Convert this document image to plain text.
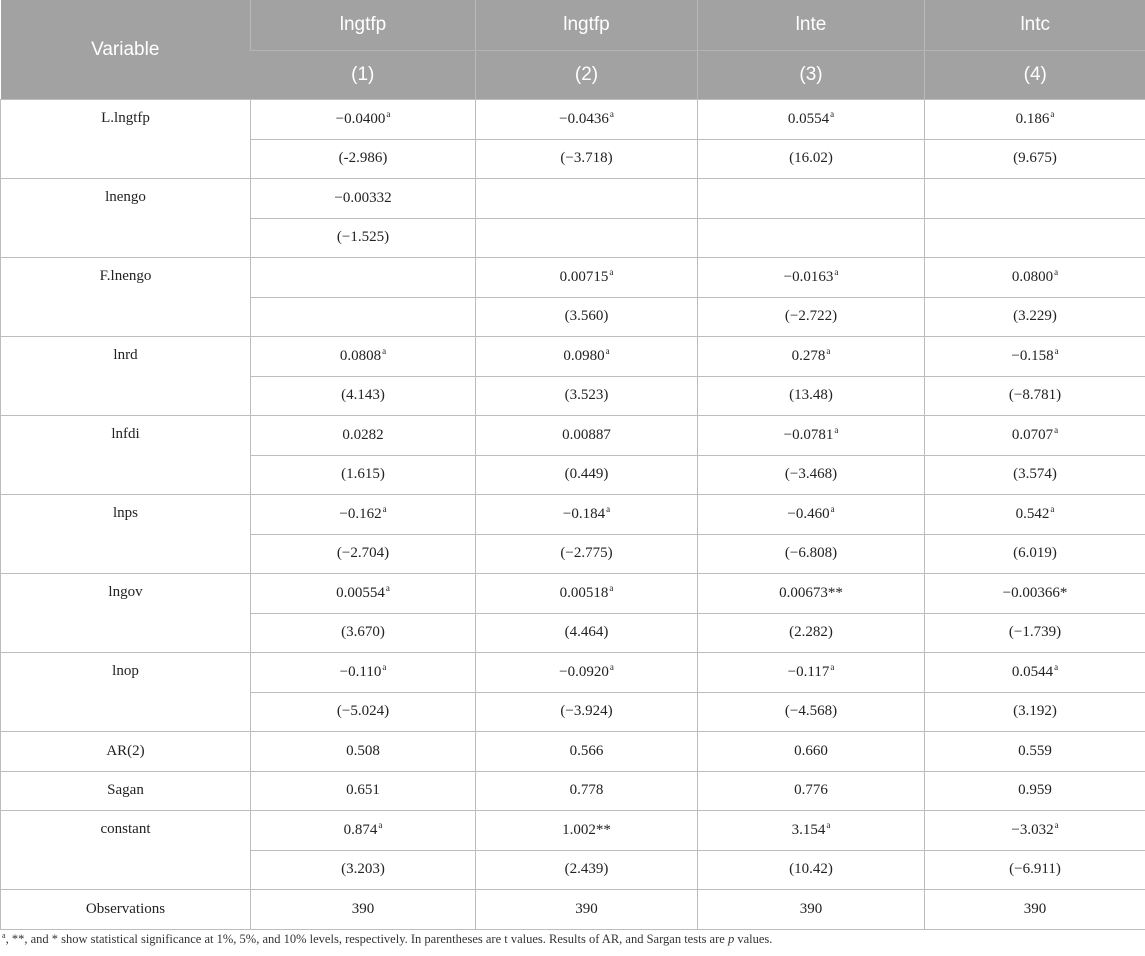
Variable	lngtfp	lngtfp	lnte	lntc
	(1)	(2)	(3)	(4)
L.lngtfp	−0.0400$^a$	−0.0436$^a$	0.0554$^a$	0.186$^a$
	(-2.986)	(−3.718)	(16.02)	(9.675)
lnengo	−0.00332			
	(−1.525)			
F.lnengo		0.00715$^a$	−0.0163$^a$	0.0800$^a$
		(3.560)	(−2.722)	(3.229)
lnrd	0.0808$^a$	0.0980$^a$	0.278$^a$	−0.158$^a$
	(4.143)	(3.523)	(13.48)	(−8.781)
lnfdi	0.0282	0.00887	−0.0781$^a$	0.0707$^a$
	(1.615)	(0.449)	(−3.468)	(3.574)
lnps	−0.162$^a$	−0.184$^a$	−0.460$^a$	0.542$^a$
	(−2.704)	(−2.775)	(−6.808)	(6.019)
lngov	0.00554$^a$	0.00518$^a$	0.00673**	−0.00366*
	(3.670)	(4.464)	(2.282)	(−1.739)
lnop	−0.110$^a$	−0.0920$^a$	−0.117$^a$	0.0544$^a$
	(−5.024)	(−3.924)	(−4.568)	(3.192)
AR(2)	0.508	0.566	0.660	0.559
Sagan	0.651	0.778	0.776	0.959
constant	0.874$^a$	1.002**	3.154$^a$	−3.032$^a$
	(3.203)	(2.439)	(10.42)	(−6.911)
Observations	390	390	390	390
$^a$, **, and * show statistical significance at 1%, 5%, and 10% levels, respectively. In parentheses are t values. Results of AR, and Sargan tests are p values.
